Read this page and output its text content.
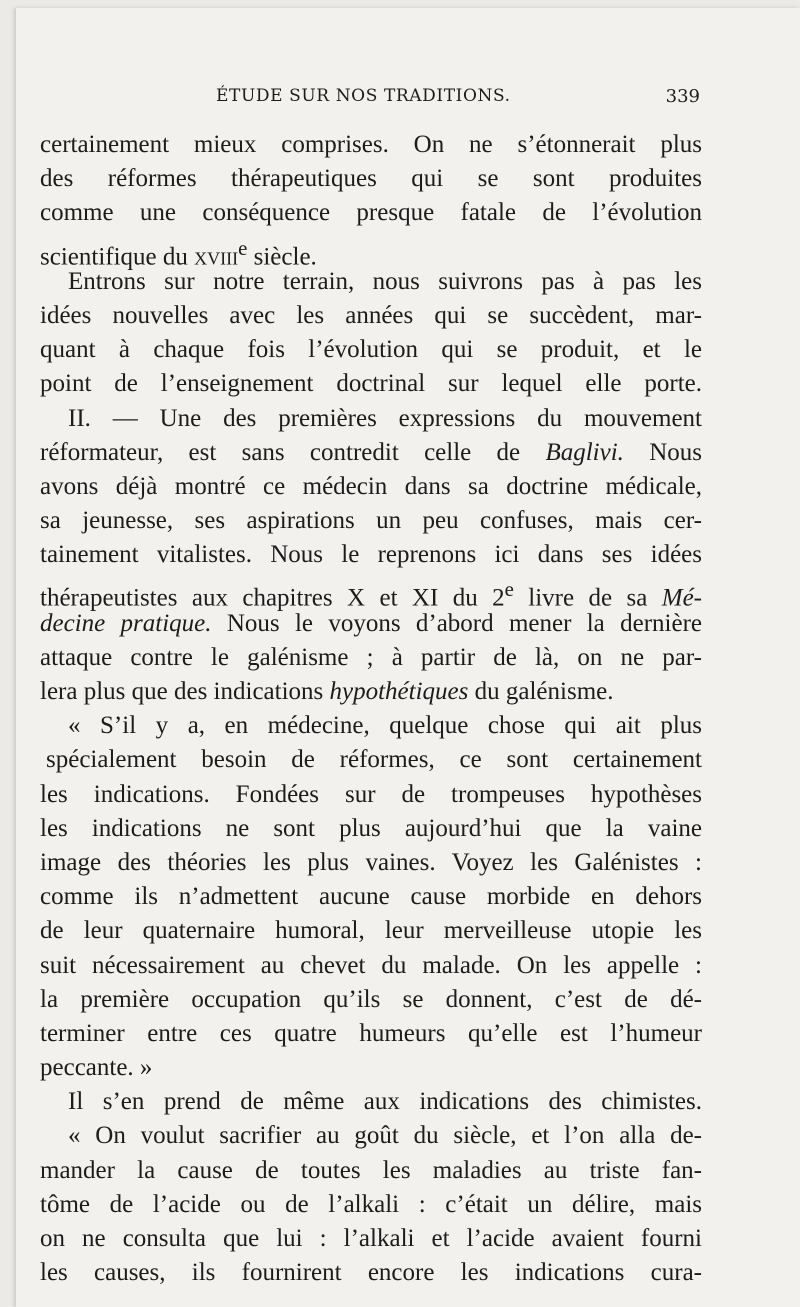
ÉTUDE SUR NOS TRADITIONS.	339
certainement mieux comprises. On ne s’étonnerait plus
des réformes thérapeutiques qui se sont produites
comme une conséquence presque fatale de l’évolution
scientifique du xviii$^e$ siècle.
Entrons sur notre terrain, nous suivrons pas à pas les
idées nouvelles avec les années qui se succèdent, mar-
quant à chaque fois l’évolution qui se produit, et le
point de l’enseignement doctrinal sur lequel elle porte.
II. — Une des premières expressions du mouvement
réformateur, est sans contredit celle de Baglivi. Nous
avons déjà montré ce médecin dans sa doctrine médicale,
sa jeunesse, ses aspirations un peu confuses, mais cer-
tainement vitalistes. Nous le reprenons ici dans ses idées
thérapeutistes aux chapitres X et XI du 2e livre de sa Mé-
decine pratique. Nous le voyons d’abord mener la dernière
attaque contre le galénisme ; à partir de là, on ne par-
lera plus que des indications hypothétiques du galénisme.
« S’il y a, en médecine, quelque chose qui ait plus
spécialement besoin de réformes, ce sont certainement
les indications. Fondées sur de trompeuses hypothèses
les indications ne sont plus aujourd’hui que la vaine
image des théories les plus vaines. Voyez les Galénistes :
comme ils n’admettent aucune cause morbide en dehors
de leur quaternaire humoral, leur merveilleuse utopie les
suit nécessairement au chevet du malade. On les appelle :
la première occupation qu’ils se donnent, c’est de dé-
terminer entre ces quatre humeurs qu’elle est l’humeur
peccante. »
Il s’en prend de même aux indications des chimistes.
« On voulut sacrifier au goût du siècle, et l’on alla de-
mander la cause de toutes les maladies au triste fan-
tôme de l’acide ou de l’alkali : c’était un délire, mais
on ne consulta que lui : l’alkali et l’acide avaient fourni
les causes, ils fournirent encore les indications cura-
